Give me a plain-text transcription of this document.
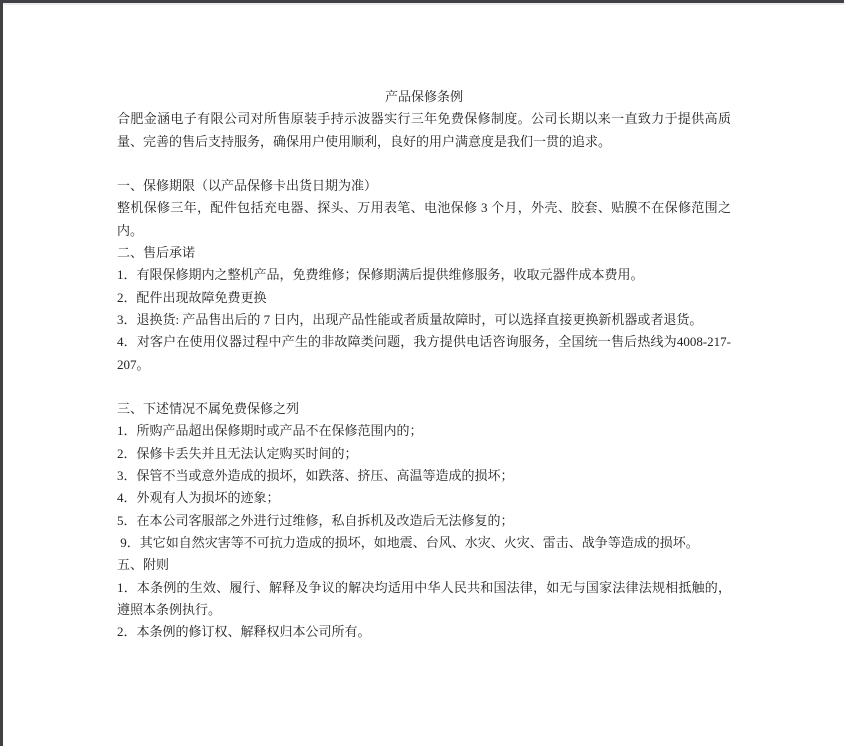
产品保修条例
合肥金涵电子有限公司对所售原装手持示波器实行三年免费保修制度。公司长期以来一直致力于提供高质量、完善的售后支持服务，确保用户使用顺利，良好的用户满意度是我们一贯的追求。
一、保修期限（以产品保修卡出货日期为准）
整机保修三年，配件包括充电器、探头、万用表笔、电池保修 3 个月，外壳、胶套、贴膜不在保修范围之内。
二、售后承诺
1．有限保修期内之整机产品，免费维修；保修期满后提供维修服务，收取元器件成本费用。
2．配件出现故障免费更换
3．退换货: 产品售出后的 7 日内，出现产品性能或者质量故障时，可以选择直接更换新机器或者退货。
4．对客户在使用仪器过程中产生的非故障类问题，我方提供电话咨询服务，全国统一售后热线为4008-217-207。
三、下述情况不属免费保修之列
1．所购产品超出保修期时或产品不在保修范围内的；
2．保修卡丢失并且无法认定购买时间的；
3．保管不当或意外造成的损坏，如跌落、挤压、高温等造成的损坏；
4．外观有人为损坏的迹象；
5．在本公司客服部之外进行过维修，私自拆机及改造后无法修复的；
9．其它如自然灾害等不可抗力造成的损坏，如地震、台风、水灾、火灾、雷击、战争等造成的损坏。
五、附则
1．本条例的生效、履行、解释及争议的解决均适用中华人民共和国法律，如无与国家法律法规相抵触的，遵照本条例执行。
2．本条例的修订权、解释权归本公司所有。
